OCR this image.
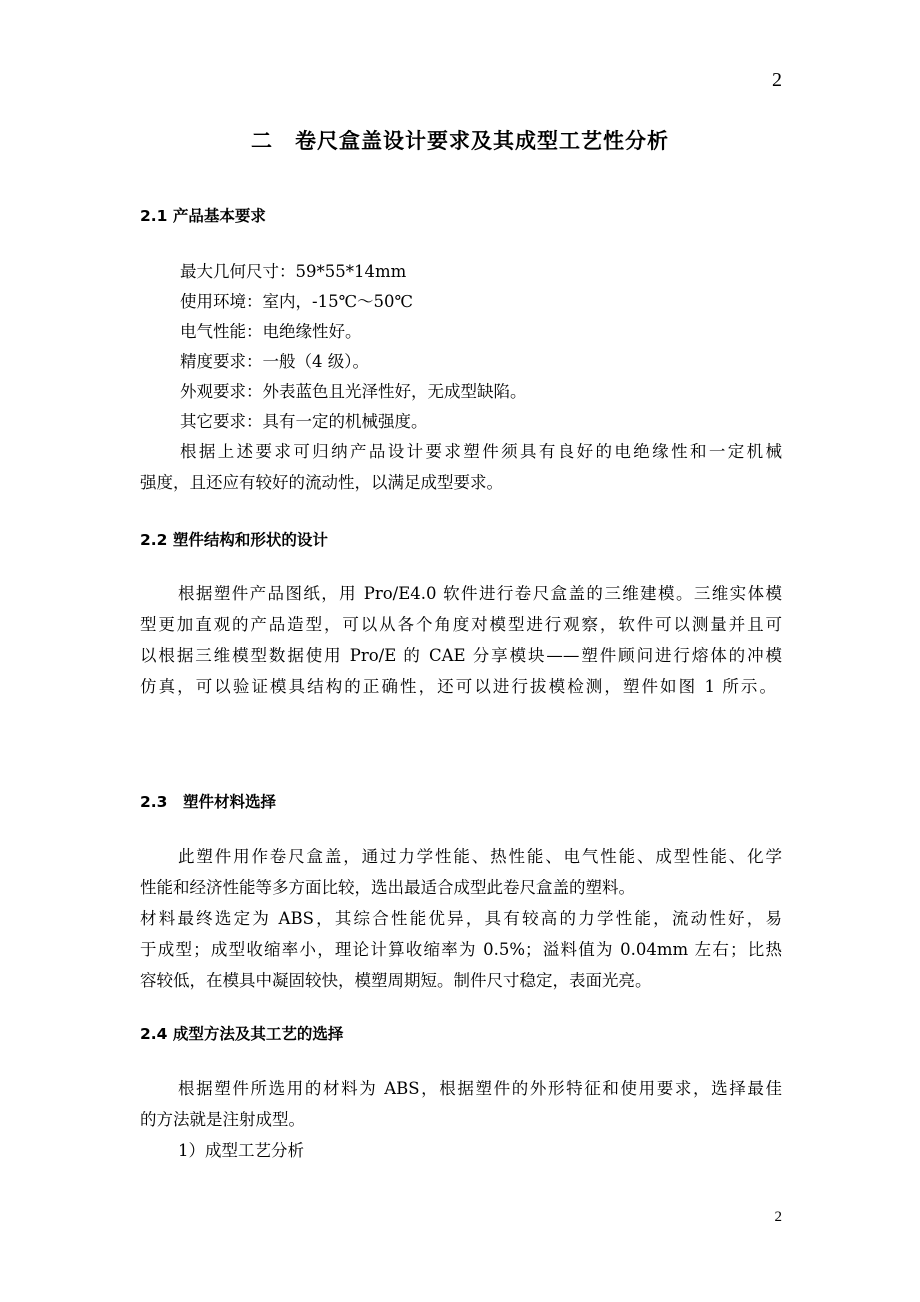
2
二　卷尺盒盖设计要求及其成型工艺性分析
2.1 产品基本要求
最大几何尺寸：59*55*14mm
使用环境：室内，-15℃～50℃
电气性能：电绝缘性好。
精度要求：一般（4 级）。
外观要求：外表蓝色且光泽性好，无成型缺陷。
其它要求：具有一定的机械强度。
根据上述要求可归纳产品设计要求塑件须具有良好的电绝缘性和一定机械
强度，且还应有较好的流动性，以满足成型要求。
2.2 塑件结构和形状的设计
根据塑件产品图纸，用 Pro/E4.0 软件进行卷尺盒盖的三维建模。三维实体模
型更加直观的产品造型，可以从各个角度对模型进行观察，软件可以测量并且可
以根据三维模型数据使用 Pro/E 的 CAE 分享模块——塑件顾问进行熔体的冲模
仿真，可以验证模具结构的正确性，还可以进行拔模检测，塑件如图 1 所示。
2.3　塑件材料选择
此塑件用作卷尺盒盖，通过力学性能、热性能、电气性能、成型性能、化学
性能和经济性能等多方面比较，选出最适合成型此卷尺盒盖的塑料。
材料最终选定为 ABS，其综合性能优异，具有较高的力学性能，流动性好，易
于成型；成型收缩率小，理论计算收缩率为 0.5%；溢料值为 0.04mm 左右；比热
容较低，在模具中凝固较快，模塑周期短。制件尺寸稳定，表面光亮。
2.4 成型方法及其工艺的选择
根据塑件所选用的材料为 ABS，根据塑件的外形特征和使用要求，选择最佳
的方法就是注射成型。
1）成型工艺分析
2
